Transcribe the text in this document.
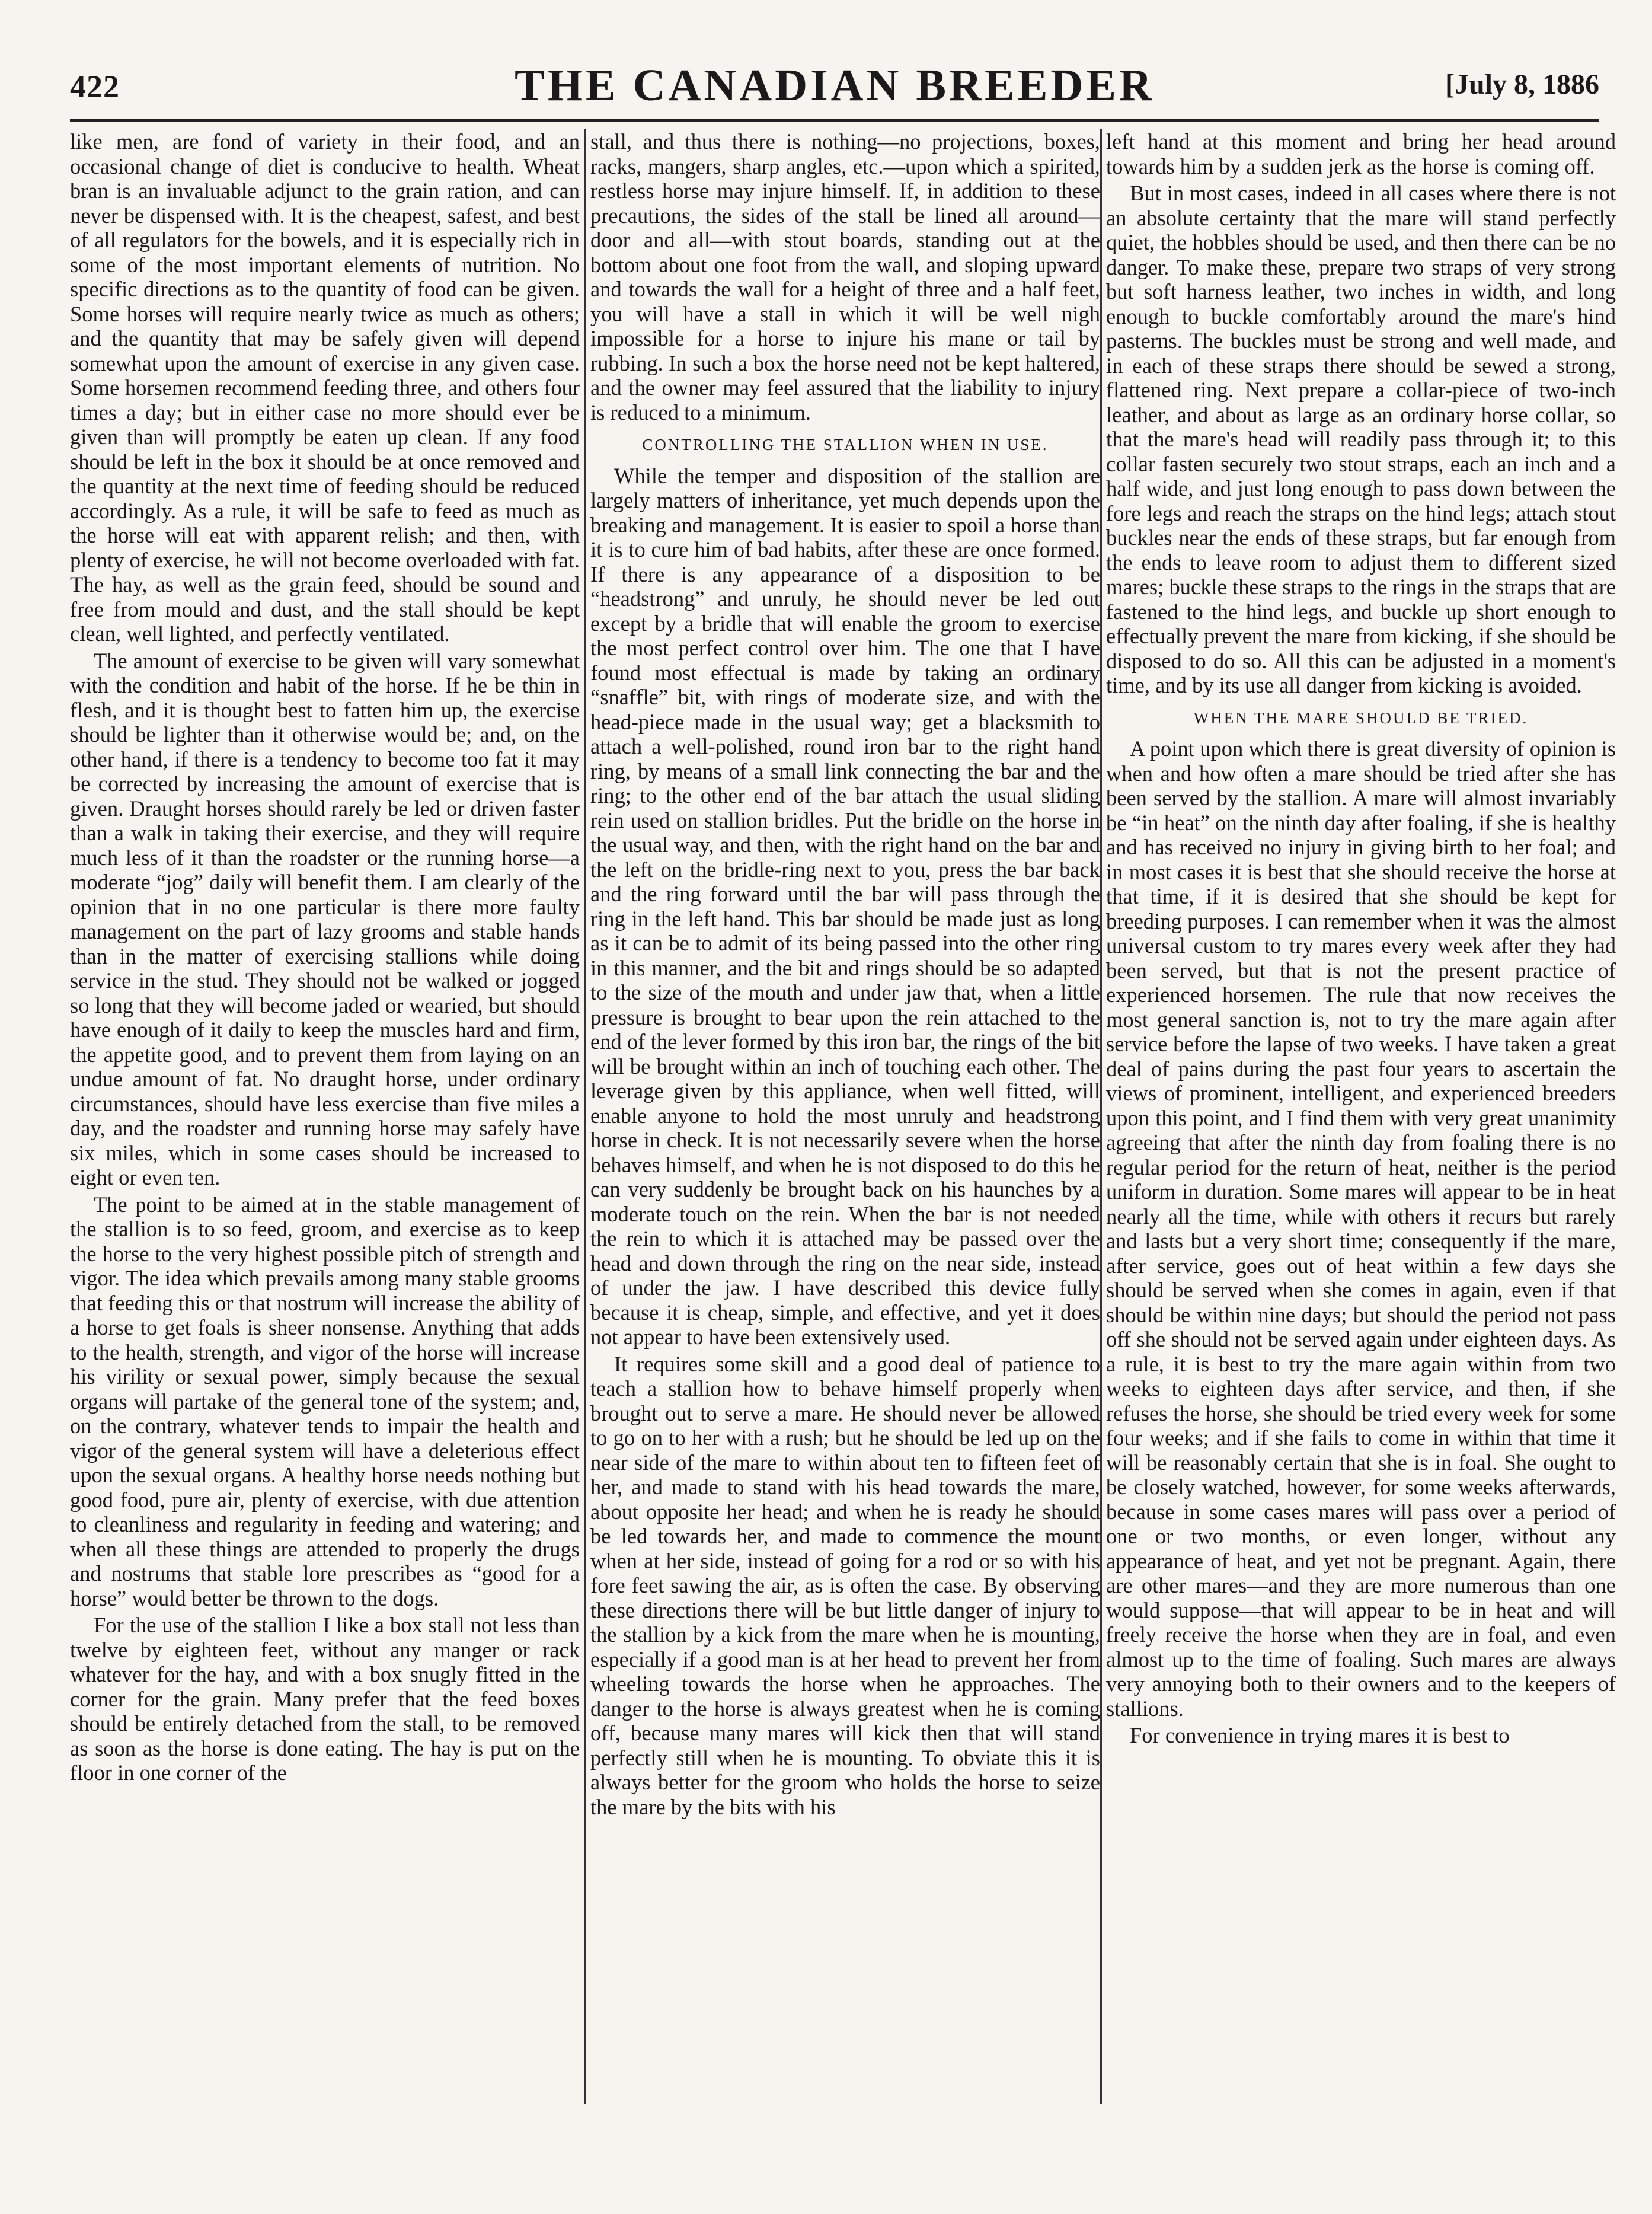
422	THE CANADIAN BREEDER	[July 8, 1886

like men, are fond of variety in their food, and an occasional change of diet is conducive to health. Wheat bran is an invaluable adjunct to the grain ration, and can never be dispensed with. It is the cheapest, safest, and best of all regulators for the bowels, and it is especially rich in some of the most important elements of nutrition. No specific directions as to the quantity of food can be given. Some horses will require nearly twice as much as others; and the quantity that may be safely given will depend somewhat upon the amount of exercise in any given case. Some horsemen recommend feeding three, and others four times a day; but in either case no more should ever be given than will promptly be eaten up clean. If any food should be left in the box it should be at once removed and the quantity at the next time of feeding should be reduced accordingly. As a rule, it will be safe to feed as much as the horse will eat with apparent relish; and then, with plenty of exercise, he will not become overloaded with fat. The hay, as well as the grain feed, should be sound and free from mould and dust, and the stall should be kept clean, well lighted, and perfectly ventilated.

The amount of exercise to be given will vary somewhat with the condition and habit of the horse. If he be thin in flesh, and it is thought best to fatten him up, the exercise should be lighter than it otherwise would be; and, on the other hand, if there is a tendency to become too fat it may be corrected by increasing the amount of exercise that is given. Draught horses should rarely be led or driven faster than a walk in taking their exercise, and they will require much less of it than the roadster or the running horse—a moderate “jog” daily will benefit them. I am clearly of the opinion that in no one particular is there more faulty management on the part of lazy grooms and stable hands than in the matter of exercising stallions while doing service in the stud. They should not be walked or jogged so long that they will become jaded or wearied, but should have enough of it daily to keep the muscles hard and firm, the appetite good, and to prevent them from laying on an undue amount of fat. No draught horse, under ordinary circumstances, should have less exercise than five miles a day, and the roadster and running horse may safely have six miles, which in some cases should be increased to eight or even ten.

The point to be aimed at in the stable management of the stallion is to so feed, groom, and exercise as to keep the horse to the very highest possible pitch of strength and vigor. The idea which prevails among many stable grooms that feeding this or that nostrum will increase the ability of a horse to get foals is sheer nonsense. Anything that adds to the health, strength, and vigor of the horse will increase his virility or sexual power, simply because the sexual organs will partake of the general tone of the system; and, on the contrary, whatever tends to impair the health and vigor of the general system will have a deleterious effect upon the sexual organs. A healthy horse needs nothing but good food, pure air, plenty of exercise, with due attention to cleanliness and regularity in feeding and watering; and when all these things are attended to properly the drugs and nostrums that stable lore prescribes as “good for a horse” would better be thrown to the dogs.

For the use of the stallion I like a box stall not less than twelve by eighteen feet, without any manger or rack whatever for the hay, and with a box snugly fitted in the corner for the grain. Many prefer that the feed boxes should be entirely detached from the stall, to be removed as soon as the horse is done eating. The hay is put on the floor in one corner of the

stall, and thus there is nothing—no projections, boxes, racks, mangers, sharp angles, etc.—upon which a spirited, restless horse may injure himself. If, in addition to these precautions, the sides of the stall be lined all around—door and all—with stout boards, standing out at the bottom about one foot from the wall, and sloping upward and towards the wall for a height of three and a half feet, you will have a stall in which it will be well nigh impossible for a horse to injure his mane or tail by rubbing. In such a box the horse need not be kept haltered, and the owner may feel assured that the liability to injury is reduced to a minimum.

CONTROLLING THE STALLION WHEN IN USE.

While the temper and disposition of the stallion are largely matters of inheritance, yet much depends upon the breaking and management. It is easier to spoil a horse than it is to cure him of bad habits, after these are once formed. If there is any appearance of a disposition to be “headstrong” and unruly, he should never be led out except by a bridle that will enable the groom to exercise the most perfect control over him. The one that I have found most effectual is made by taking an ordinary “snaffle” bit, with rings of moderate size, and with the head-piece made in the usual way; get a blacksmith to attach a well-polished, round iron bar to the right hand ring, by means of a small link connecting the bar and the ring; to the other end of the bar attach the usual sliding rein used on stallion bridles. Put the bridle on the horse in the usual way, and then, with the right hand on the bar and the left on the bridle-ring next to you, press the bar back and the ring forward until the bar will pass through the ring in the left hand. This bar should be made just as long as it can be to admit of its being passed into the other ring in this manner, and the bit and rings should be so adapted to the size of the mouth and under jaw that, when a little pressure is brought to bear upon the rein attached to the end of the lever formed by this iron bar, the rings of the bit will be brought within an inch of touching each other. The leverage given by this appliance, when well fitted, will enable anyone to hold the most unruly and headstrong horse in check. It is not necessarily severe when the horse behaves himself, and when he is not disposed to do this he can very suddenly be brought back on his haunches by a moderate touch on the rein. When the bar is not needed the rein to which it is attached may be passed over the head and down through the ring on the near side, instead of under the jaw. I have described this device fully because it is cheap, simple, and effective, and yet it does not appear to have been extensively used.

It requires some skill and a good deal of patience to teach a stallion how to behave himself properly when brought out to serve a mare. He should never be allowed to go on to her with a rush; but he should be led up on the near side of the mare to within about ten to fifteen feet of her, and made to stand with his head towards the mare, about opposite her head; and when he is ready he should be led towards her, and made to commence the mount when at her side, instead of going for a rod or so with his fore feet sawing the air, as is often the case. By observing these directions there will be but little danger of injury to the stallion by a kick from the mare when he is mounting, especially if a good man is at her head to prevent her from wheeling towards the horse when he approaches. The danger to the horse is always greatest when he is coming off, because many mares will kick then that will stand perfectly still when he is mounting. To obviate this it is always better for the groom who holds the horse to seize the mare by the bits with his

left hand at this moment and bring her head around towards him by a sudden jerk as the horse is coming off.

But in most cases, indeed in all cases where there is not an absolute certainty that the mare will stand perfectly quiet, the hobbles should be used, and then there can be no danger. To make these, prepare two straps of very strong but soft harness leather, two inches in width, and long enough to buckle comfortably around the mare's hind pasterns. The buckles must be strong and well made, and in each of these straps there should be sewed a strong, flattened ring. Next prepare a collar-piece of two-inch leather, and about as large as an ordinary horse collar, so that the mare's head will readily pass through it; to this collar fasten securely two stout straps, each an inch and a half wide, and just long enough to pass down between the fore legs and reach the straps on the hind legs; attach stout buckles near the ends of these straps, but far enough from the ends to leave room to adjust them to different sized mares; buckle these straps to the rings in the straps that are fastened to the hind legs, and buckle up short enough to effectually prevent the mare from kicking, if she should be disposed to do so. All this can be adjusted in a moment's time, and by its use all danger from kicking is avoided.

WHEN THE MARE SHOULD BE TRIED.

A point upon which there is great diversity of opinion is when and how often a mare should be tried after she has been served by the stallion. A mare will almost invariably be “in heat” on the ninth day after foaling, if she is healthy and has received no injury in giving birth to her foal; and in most cases it is best that she should receive the horse at that time, if it is desired that she should be kept for breeding purposes. I can remember when it was the almost universal custom to try mares every week after they had been served, but that is not the present practice of experienced horsemen. The rule that now receives the most general sanction is, not to try the mare again after service before the lapse of two weeks. I have taken a great deal of pains during the past four years to ascertain the views of prominent, intelligent, and experienced breeders upon this point, and I find them with very great unanimity agreeing that after the ninth day from foaling there is no regular period for the return of heat, neither is the period uniform in duration. Some mares will appear to be in heat nearly all the time, while with others it recurs but rarely and lasts but a very short time; consequently if the mare, after service, goes out of heat within a few days she should be served when she comes in again, even if that should be within nine days; but should the period not pass off she should not be served again under eighteen days. As a rule, it is best to try the mare again within from two weeks to eighteen days after service, and then, if she refuses the horse, she should be tried every week for some four weeks; and if she fails to come in within that time it will be reasonably certain that she is in foal. She ought to be closely watched, however, for some weeks afterwards, because in some cases mares will pass over a period of one or two months, or even longer, without any appearance of heat, and yet not be pregnant. Again, there are other mares—and they are more numerous than one would suppose—that will appear to be in heat and will freely receive the horse when they are in foal, and even almost up to the time of foaling. Such mares are always very annoying both to their owners and to the keepers of stallions.

For convenience in trying mares it is best to
